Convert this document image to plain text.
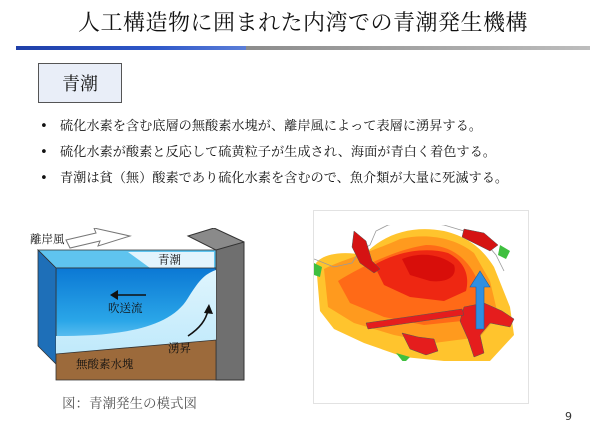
人工構造物に囲まれた内湾での青潮発生機構
青潮
• 硫化水素を含む底層の無酸素水塊が、離岸風によって表層に湧昇する。
• 硫化水素が酸素と反応して硫黄粒子が生成され、海面が青白く着色する。
• 青潮は貧（無）酸素であり硫化水素を含むので、魚介類が大量に死滅する。
離岸風
青潮
吹送流
湧昇
無酸素水塊
図：青潮発生の模式図
9
